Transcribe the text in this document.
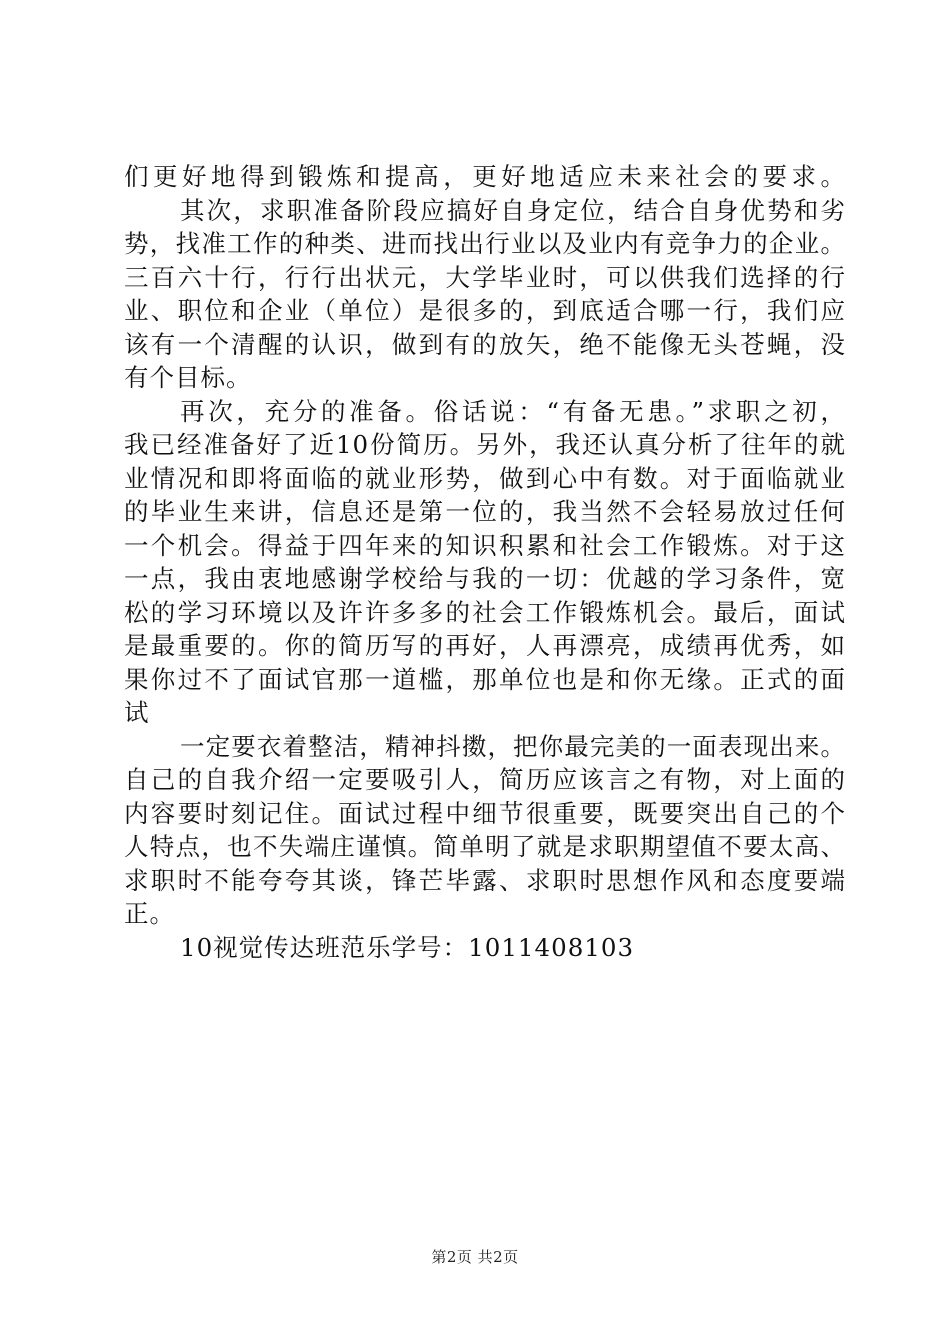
们更好地得到锻炼和提高，更好地适应未来社会的要求。
其次，求职准备阶段应搞好自身定位，结合自身优势和劣
势，找准工作的种类、进而找出行业以及业内有竞争力的企业。
三百六十行，行行出状元，大学毕业时，可以供我们选择的行
业、职位和企业（单位）是很多的，到底适合哪一行，我们应
该有一个清醒的认识，做到有的放矢，绝不能像无头苍蝇，没
有个目标。
再次，充分的准备。俗话说：“有备无患。”求职之初，
我已经准备好了近10份简历。另外，我还认真分析了往年的就
业情况和即将面临的就业形势，做到心中有数。对于面临就业
的毕业生来讲，信息还是第一位的，我当然不会轻易放过任何
一个机会。得益于四年来的知识积累和社会工作锻炼。对于这
一点，我由衷地感谢学校给与我的一切：优越的学习条件，宽
松的学习环境以及许许多多的社会工作锻炼机会。最后，面试
是最重要的。你的简历写的再好，人再漂亮，成绩再优秀，如
果你过不了面试官那一道槛，那单位也是和你无缘。正式的面
试
一定要衣着整洁，精神抖擞，把你最完美的一面表现出来。
自己的自我介绍一定要吸引人，简历应该言之有物，对上面的
内容要时刻记住。面试过程中细节很重要，既要突出自己的个
人特点，也不失端庄谨慎。简单明了就是求职期望值不要太高、
求职时不能夸夸其谈，锋芒毕露、求职时思想作风和态度要端
正。
10视觉传达班范乐学号：1011408103
第2页 共2页
